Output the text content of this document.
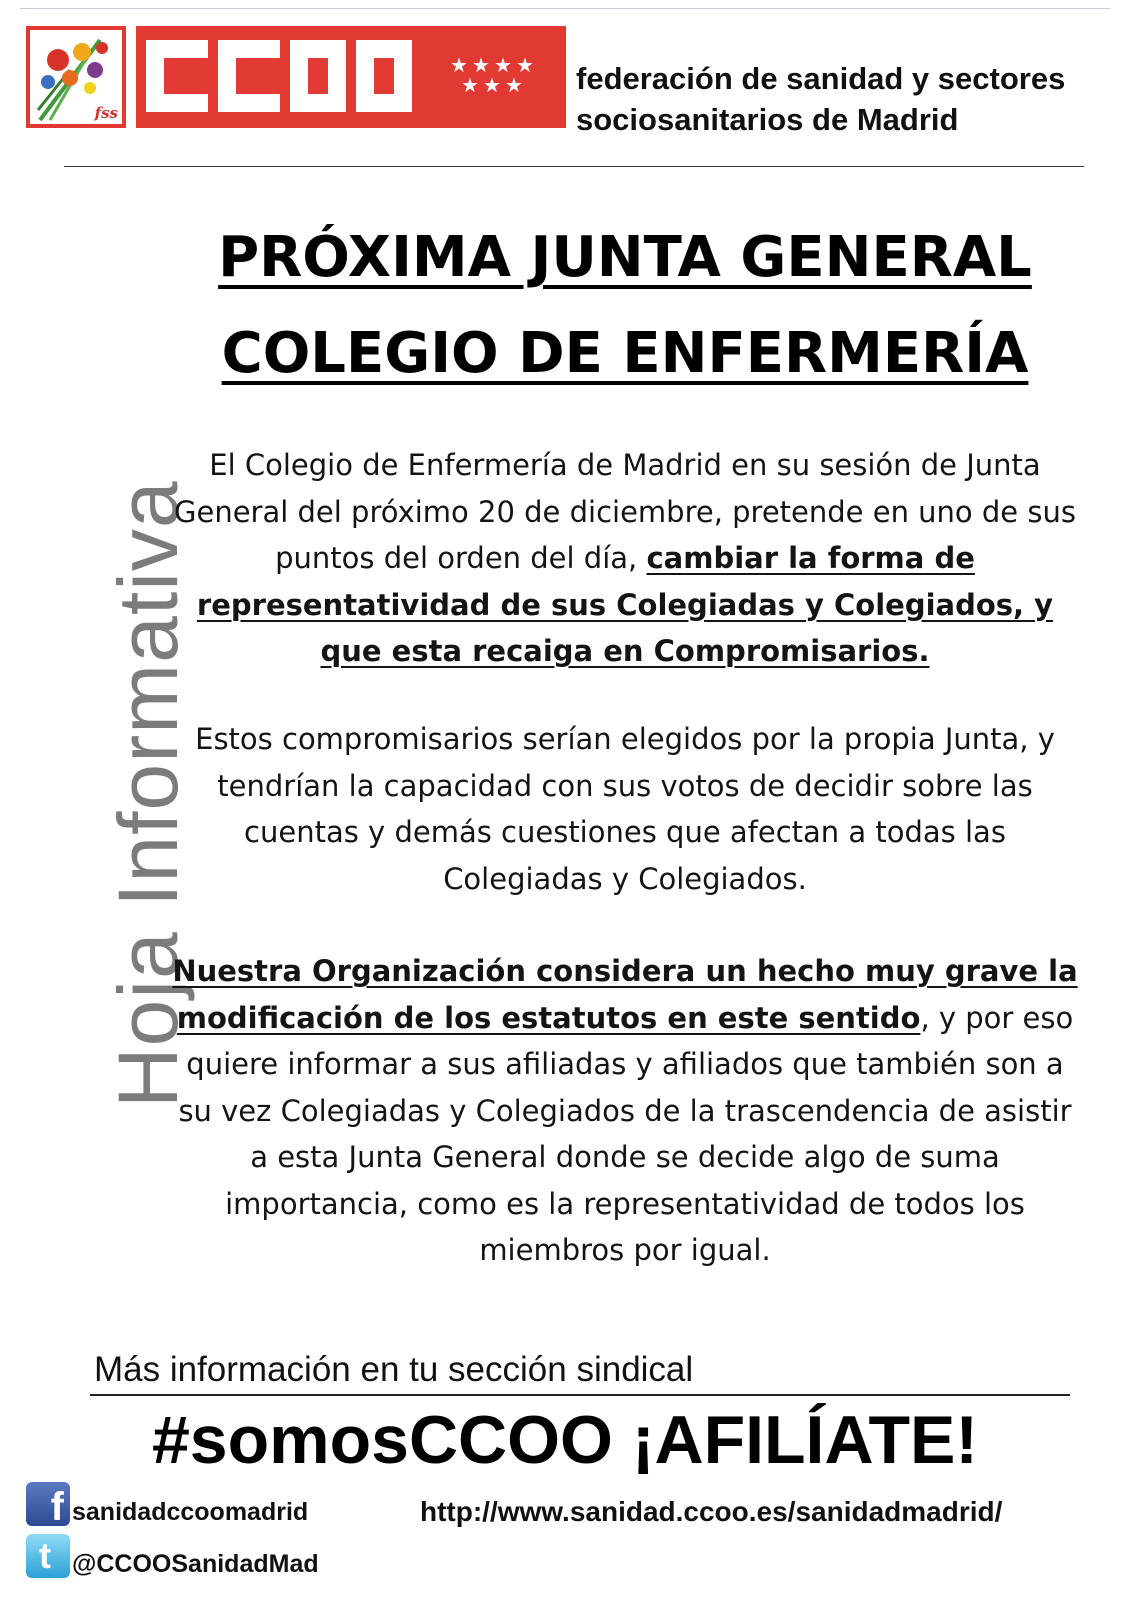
fss
★ ★ ★ ★
★ ★ ★ federación de sanidad y sectores
sociosanitarios de Madrid
Hoja Informativa
PRÓXIMA JUNTA GENERAL
COLEGIO DE ENFERMERÍA

El Colegio de Enfermería de Madrid en su sesión de Junta General del próximo 20 de diciembre, pretende en uno de sus puntos del orden del día, cambiar la forma de representatividad de sus Colegiadas y Colegiados, y que esta recaiga en Compromisarios.

Estos compromisarios serían elegidos por la propia Junta, y tendrían la capacidad con sus votos de decidir sobre las cuentas y demás cuestiones que afectan a todas las Colegiadas y Colegiados.

Nuestra Organización considera un hecho muy grave la modificación de los estatutos en este sentido, y por eso quiere informar a sus afiliadas y afiliados que también son a su vez Colegiadas y Colegiados de la trascendencia de asistir a esta Junta General donde se decide algo de suma importancia, como es la representatividad de todos los miembros por igual.

Más información en tu sección sindical
#somosCCOO ¡AFILÍATE!
f
sanidadccoomadrid
t
@CCOOSanidadMad
http://www.sanidad.ccoo.es/sanidadmadrid/
